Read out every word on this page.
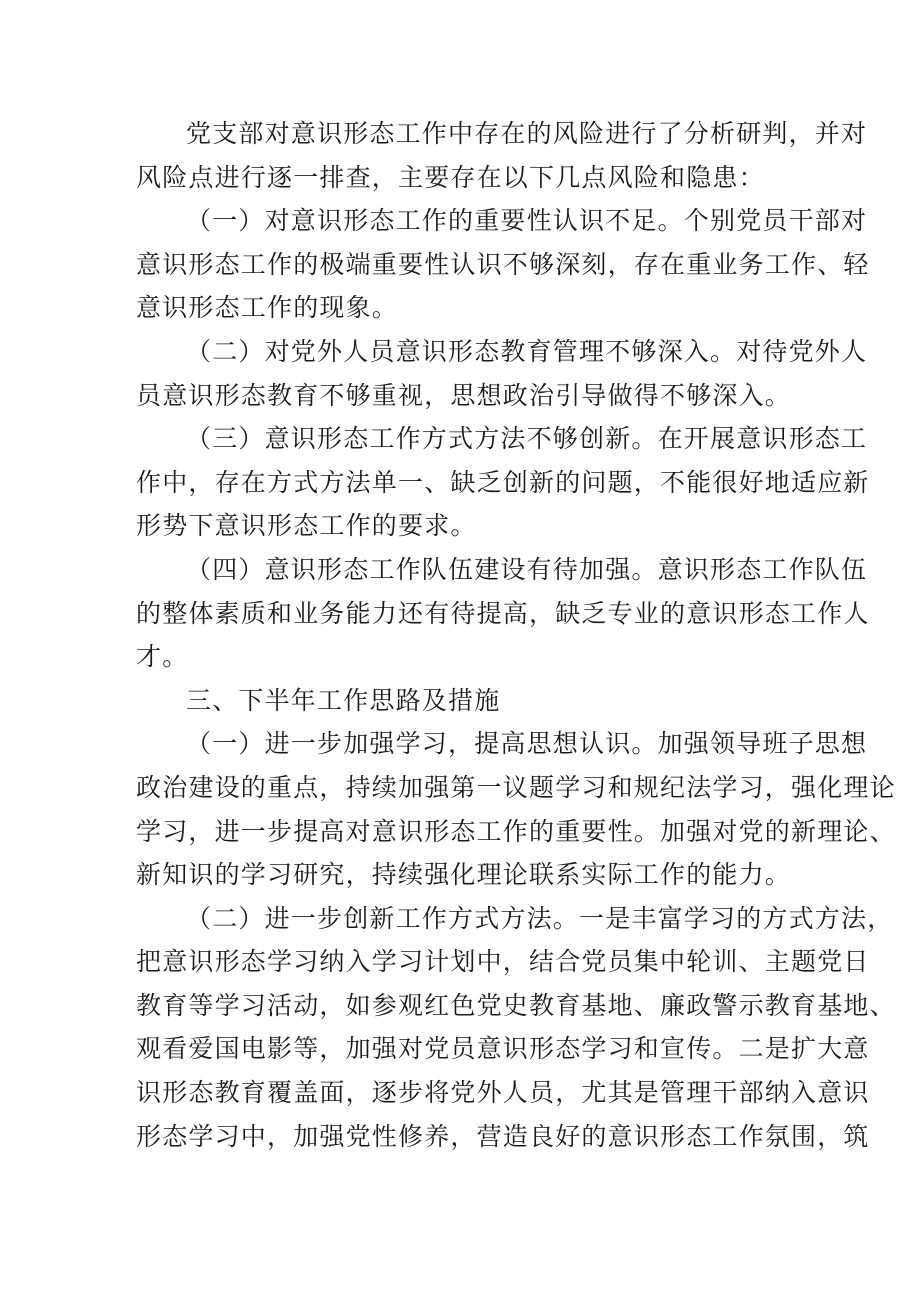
党支部对意识形态工作中存在的风险进行了分析研判，并对
风险点进行逐一排查，主要存在以下几点风险和隐患：
（一）对意识形态工作的重要性认识不足。个别党员干部对
意识形态工作的极端重要性认识不够深刻，存在重业务工作、轻
意识形态工作的现象。
（二）对党外人员意识形态教育管理不够深入。对待党外人
员意识形态教育不够重视，思想政治引导做得不够深入。
（三）意识形态工作方式方法不够创新。在开展意识形态工
作中，存在方式方法单一、缺乏创新的问题，不能很好地适应新
形势下意识形态工作的要求。
（四）意识形态工作队伍建设有待加强。意识形态工作队伍
的整体素质和业务能力还有待提高，缺乏专业的意识形态工作人
才。
三、下半年工作思路及措施
（一）进一步加强学习，提高思想认识。加强领导班子思想
政治建设的重点，持续加强第一议题学习和规纪法学习，强化理论
学习，进一步提高对意识形态工作的重要性。加强对党的新理论、
新知识的学习研究，持续强化理论联系实际工作的能力。
（二）进一步创新工作方式方法。一是丰富学习的方式方法，
把意识形态学习纳入学习计划中，结合党员集中轮训、主题党日
教育等学习活动，如参观红色党史教育基地、廉政警示教育基地、
观看爱国电影等，加强对党员意识形态学习和宣传。二是扩大意
识形态教育覆盖面，逐步将党外人员，尤其是管理干部纳入意识
形态学习中，加强党性修养，营造良好的意识形态工作氛围，筑
